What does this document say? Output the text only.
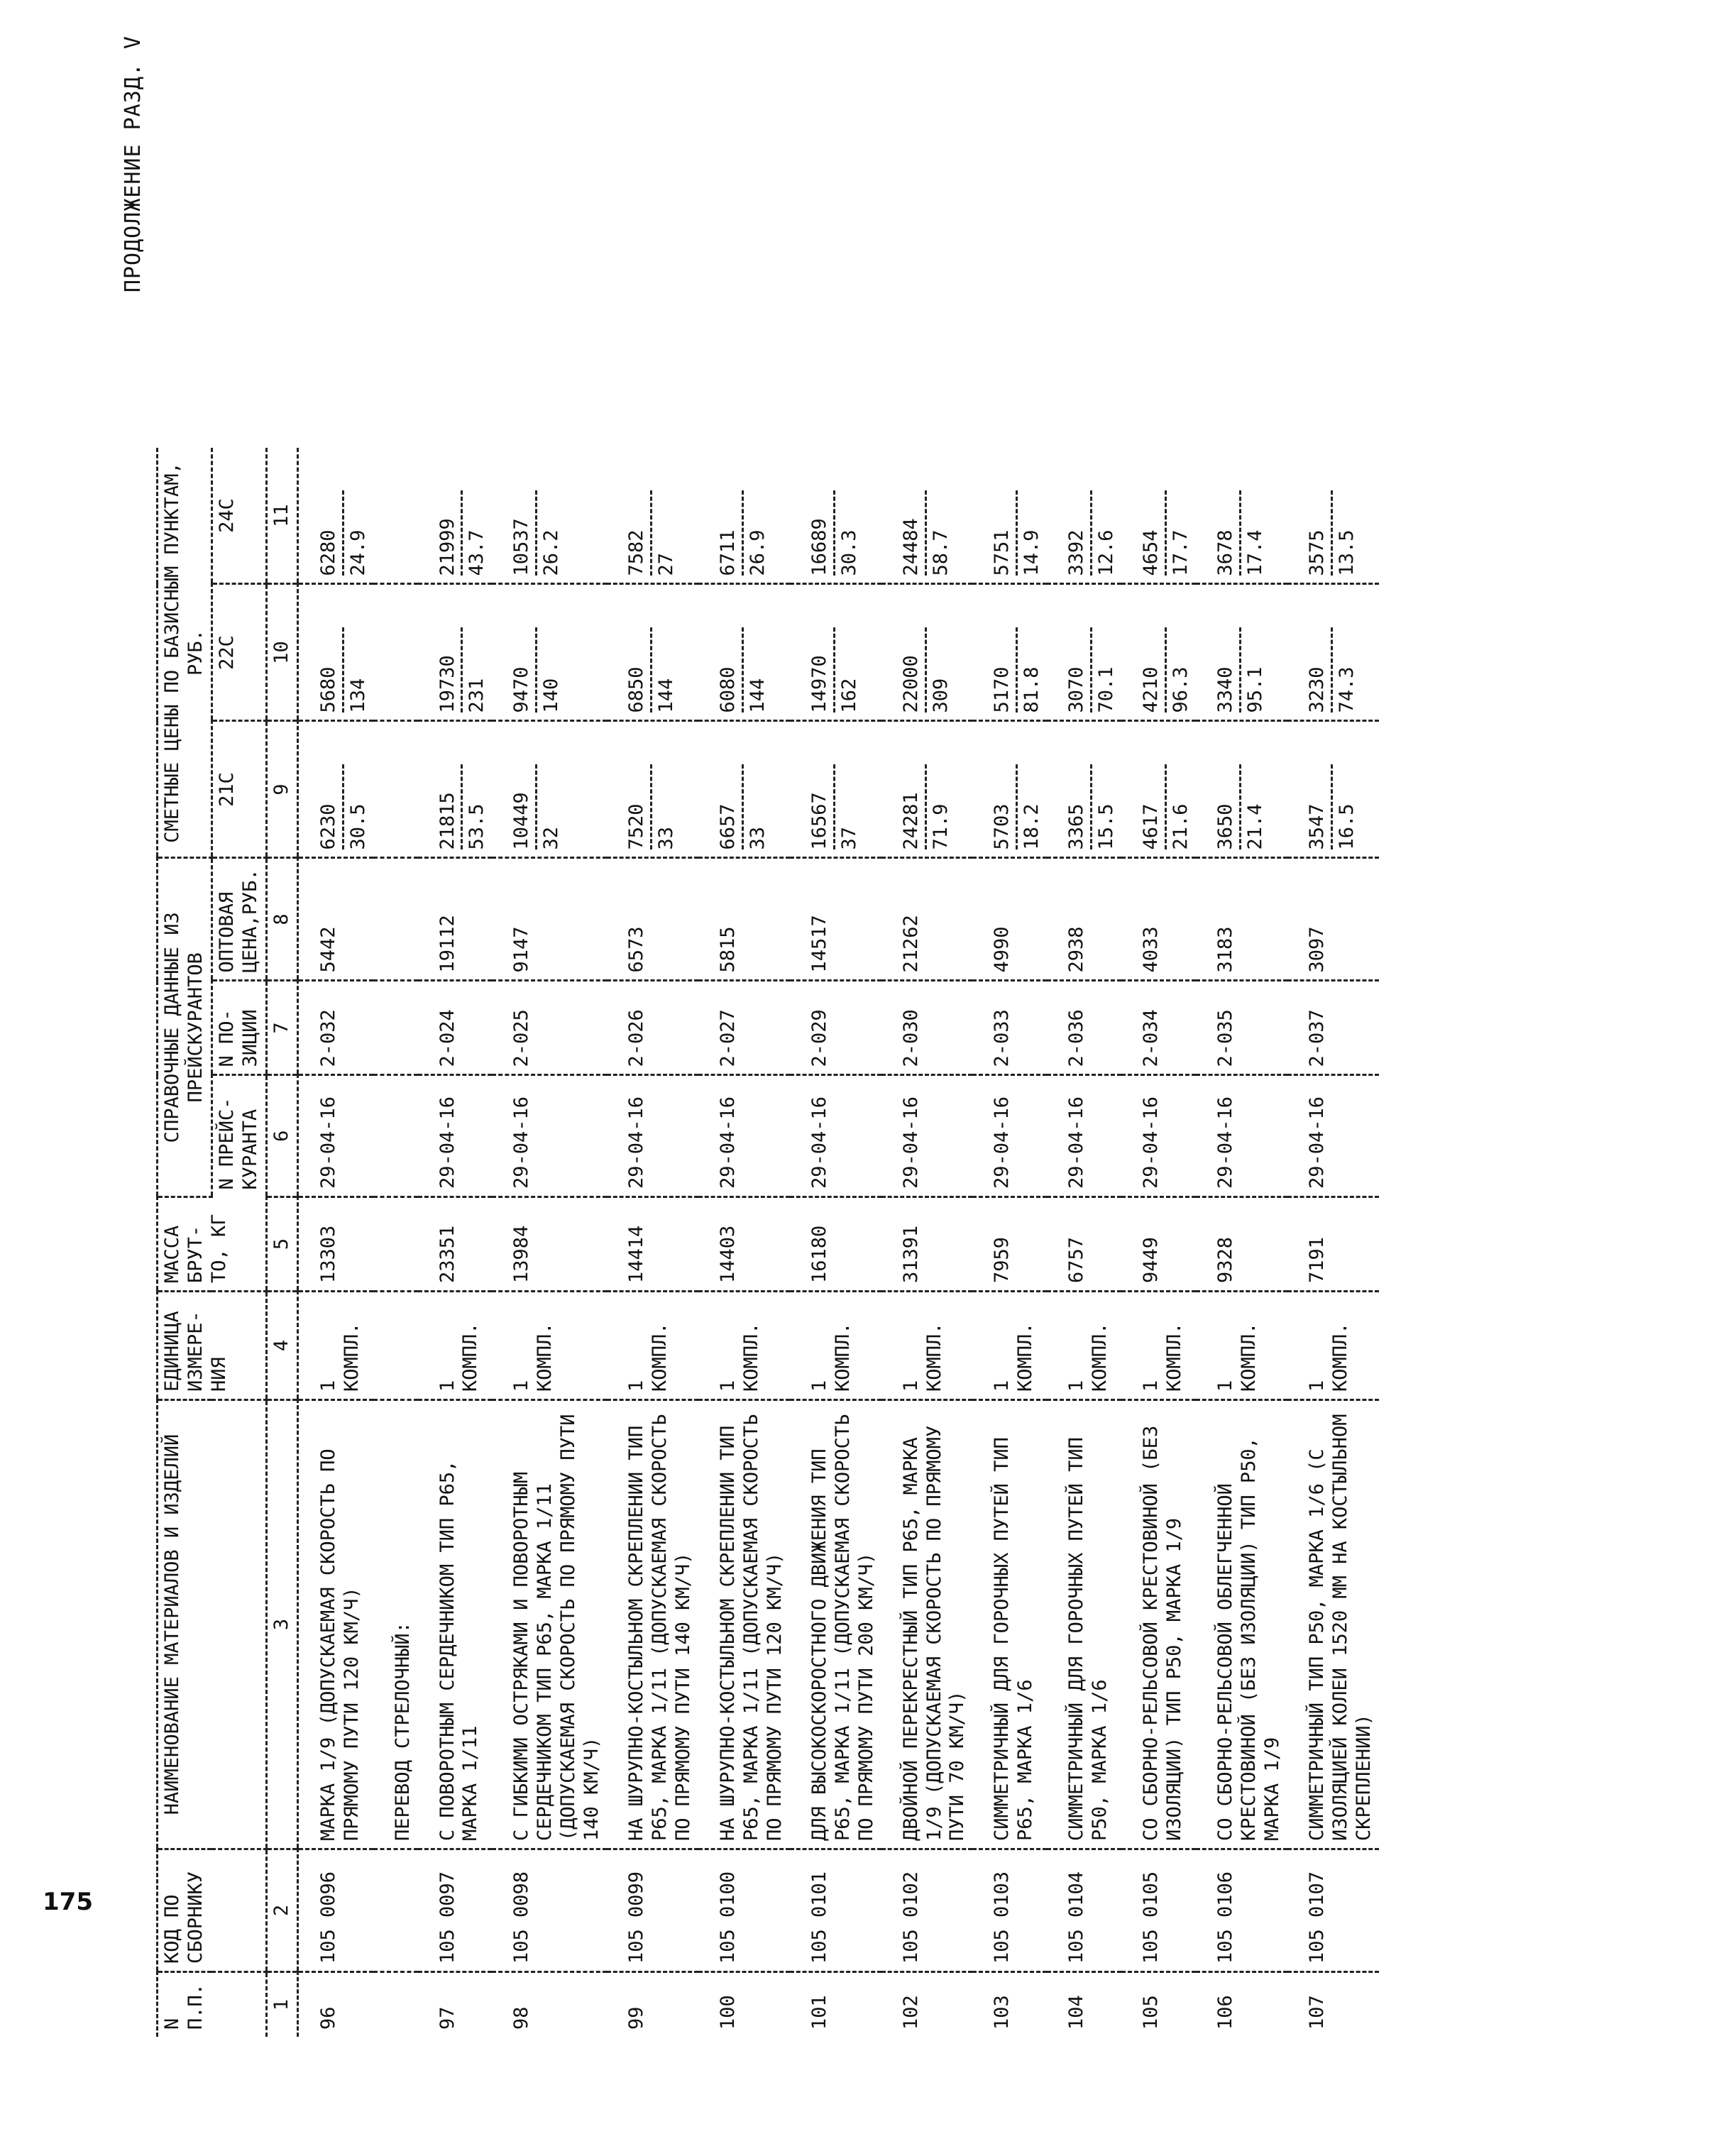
ПРОДОЛЖЕНИЕ РАЗД. V
N П.П.	КОД ПО СБОРНИКУ	НАИМЕНОВАНИЕ МАТЕРИАЛОВ И ИЗДЕЛИЙ	ЕДИНИЦА ИЗМЕРЕ-НИЯ	МАССА БРУТ-ТО, КГ	СПРАВОЧНЫЕ ДАННЫЕ ИЗ ПРЕЙСКУРАНТОВ			СМЕТНЫЕ ЦЕНЫ ПО БАЗИСНЫМ ПУНКТАМ, РУБ.		
					N ПРЕЙС-КУРАНТА	N ПО-ЗИЦИИ	ОПТОВАЯ ЦЕНА,РУБ.	21С	22С	24С
1	2	3	4	5	6	7	8	9	10	11
96	105 0096	МАРКА 1/9 (ДОПУСКАЕМАЯ СКОРОСТЬ ПО ПРЯМОМУ ПУТИ 120 КМ/Ч)	1 КОМПЛ.	13303	29-04-16	2-032	5442	6230 30.5	5680 134	6280 24.9

		ПЕРЕВОД СТРЕЛОЧНЫЙ:								
97	105 0097	С ПОВОРОТНЫМ СЕРДЕЧНИКОМ ТИП Р65, МАРКА 1/11	1 КОМПЛ.	23351	29-04-16	2-024	19112	21815 53.5	19730 231	21999 43.7

98	105 0098	С ГИБКИМИ ОСТРЯКАМИ И ПОВОРОТНЫМ СЕРДЕЧНИКОМ ТИП Р65, МАРКА 1/11 (ДОПУСКАЕМАЯ СКОРОСТЬ ПО ПРЯМОМУ ПУТИ 140 КМ/Ч)	1 КОМПЛ.	13984	29-04-16	2-025	9147	10449 32	9470 140	10537 26.2

99	105 0099	НА ШУРУПНО-КОСТЫЛЬНОМ СКРЕПЛЕНИИ ТИП Р65, МАРКА 1/11 (ДОПУСКАЕМАЯ СКОРОСТЬ ПО ПРЯМОМУ ПУТИ 140 КМ/Ч)	1 КОМПЛ.	14414	29-04-16	2-026	6573	7520 33	6850 144	7582 27

100	105 0100	НА ШУРУПНО-КОСТЫЛЬНОМ СКРЕПЛЕНИИ ТИП Р65, МАРКА 1/11 (ДОПУСКАЕМАЯ СКОРОСТЬ ПО ПРЯМОМУ ПУТИ 120 КМ/Ч)	1 КОМПЛ.	14403	29-04-16	2-027	5815	6657 33	6080 144	6711 26.9

101	105 0101	ДЛЯ ВЫСОКОСКОРОСТНОГО ДВИЖЕНИЯ ТИП Р65, МАРКА 1/11 (ДОПУСКАЕМАЯ СКОРОСТЬ ПО ПРЯМОМУ ПУТИ 200 КМ/Ч)	1 КОМПЛ.	16180	29-04-16	2-029	14517	16567 37	14970 162	16689 30.3

102	105 0102	ДВОЙНОЙ ПЕРЕКРЕСТНЫЙ ТИП Р65, МАРКА 1/9 (ДОПУСКАЕМАЯ СКОРОСТЬ ПО ПРЯМОМУ ПУТИ 70 КМ/Ч)	1 КОМПЛ.	31391	29-04-16	2-030	21262	24281 71.9	22000 309	24484 58.7

103	105 0103	СИММЕТРИЧНЫЙ ДЛЯ ГОРОЧНЫХ ПУТЕЙ ТИП Р65, МАРКА 1/6	1 КОМПЛ.	7959	29-04-16	2-033	4990	5703 18.2	5170 81.8	5751 14.9

104	105 0104	СИММЕТРИЧНЫЙ ДЛЯ ГОРОЧНЫХ ПУТЕЙ ТИП Р50, МАРКА 1/6	1 КОМПЛ.	6757	29-04-16	2-036	2938	3365 15.5	3070 70.1	3392 12.6

105	105 0105	СО СБОРНО-РЕЛЬСОВОЙ КРЕСТОВИНОЙ (БЕЗ ИЗОЛЯЦИИ) ТИП Р50, МАРКА 1/9	1 КОМПЛ.	9449	29-04-16	2-034	4033	4617 21.6	4210 96.3	4654 17.7

106	105 0106	СО СБОРНО-РЕЛЬСОВОЙ ОБЛЕГЧЕННОЙ КРЕСТОВИНОЙ (БЕЗ ИЗОЛЯЦИИ) ТИП Р50, МАРКА 1/9	1 КОМПЛ.	9328	29-04-16	2-035	3183	3650 21.4	3340 95.1	3678 17.4

107	105 0107	СИММЕТРИЧНЫЙ ТИП Р50, МАРКА 1/6 (С ИЗОЛЯЦИЕЙ КОЛЕИ 1520 ММ НА КОСТЫЛЬНОМ СКРЕПЛЕНИИ)	1 КОМПЛ.	7191	29-04-16	2-037	3097	3547 16.5	3230 74.3	3575 13.5
175
